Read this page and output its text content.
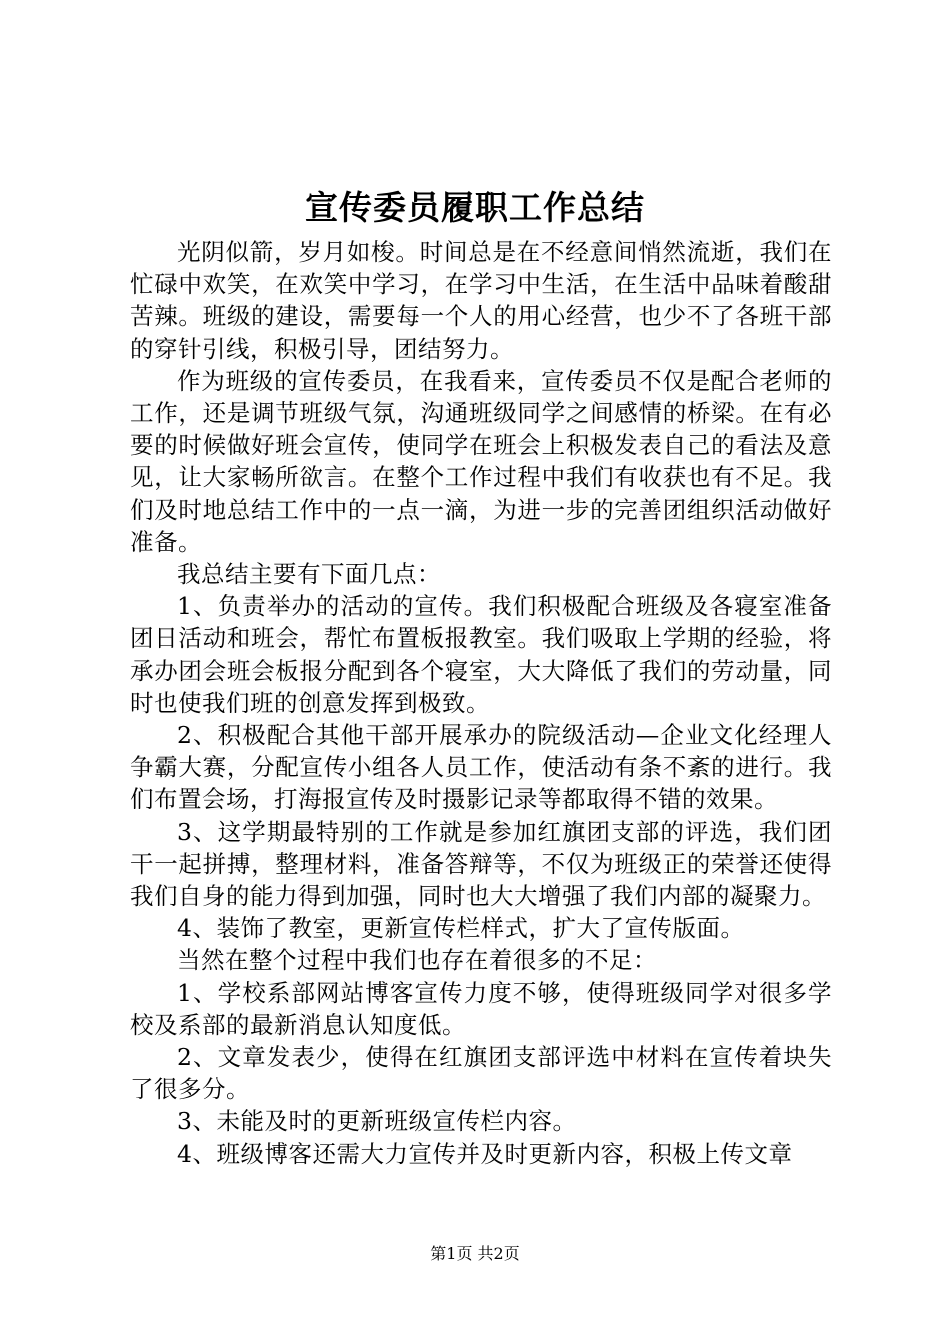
宣传委员履职工作总结

光阴似箭，岁月如梭。时间总是在不经意间悄然流逝，我们在忙碌中欢笑，在欢笑中学习，在学习中生活，在生活中品味着酸甜苦辣。班级的建设，需要每一个人的用心经营，也少不了各班干部的穿针引线，积极引导，团结努力。

作为班级的宣传委员，在我看来，宣传委员不仅是配合老师的工作，还是调节班级气氛，沟通班级同学之间感情的桥梁。在有必要的时候做好班会宣传，使同学在班会上积极发表自己的看法及意见，让大家畅所欲言。在整个工作过程中我们有收获也有不足。我们及时地总结工作中的一点一滴，为进一步的完善团组织活动做好准备。

我总结主要有下面几点：

1、负责举办的活动的宣传。我们积极配合班级及各寝室准备团日活动和班会，帮忙布置板报教室。我们吸取上学期的经验，将承办团会班会板报分配到各个寝室，大大降低了我们的劳动量，同时也使我们班的创意发挥到极致。

2、积极配合其他干部开展承办的院级活动—企业文化经理人争霸大赛，分配宣传小组各人员工作，使活动有条不紊的进行。我们布置会场，打海报宣传及时摄影记录等都取得不错的效果。

3、这学期最特别的工作就是参加红旗团支部的评选，我们团干一起拼搏，整理材料，准备答辩等，不仅为班级正的荣誉还使得我们自身的能力得到加强，同时也大大增强了我们内部的凝聚力。

4、装饰了教室，更新宣传栏样式，扩大了宣传版面。

当然在整个过程中我们也存在着很多的不足：

1、学校系部网站博客宣传力度不够，使得班级同学对很多学校及系部的最新消息认知度低。

2、文章发表少，使得在红旗团支部评选中材料在宣传着块失了很多分。

3、未能及时的更新班级宣传栏内容。

4、班级博客还需大力宣传并及时更新内容，积极上传文章

第1页 共2页
